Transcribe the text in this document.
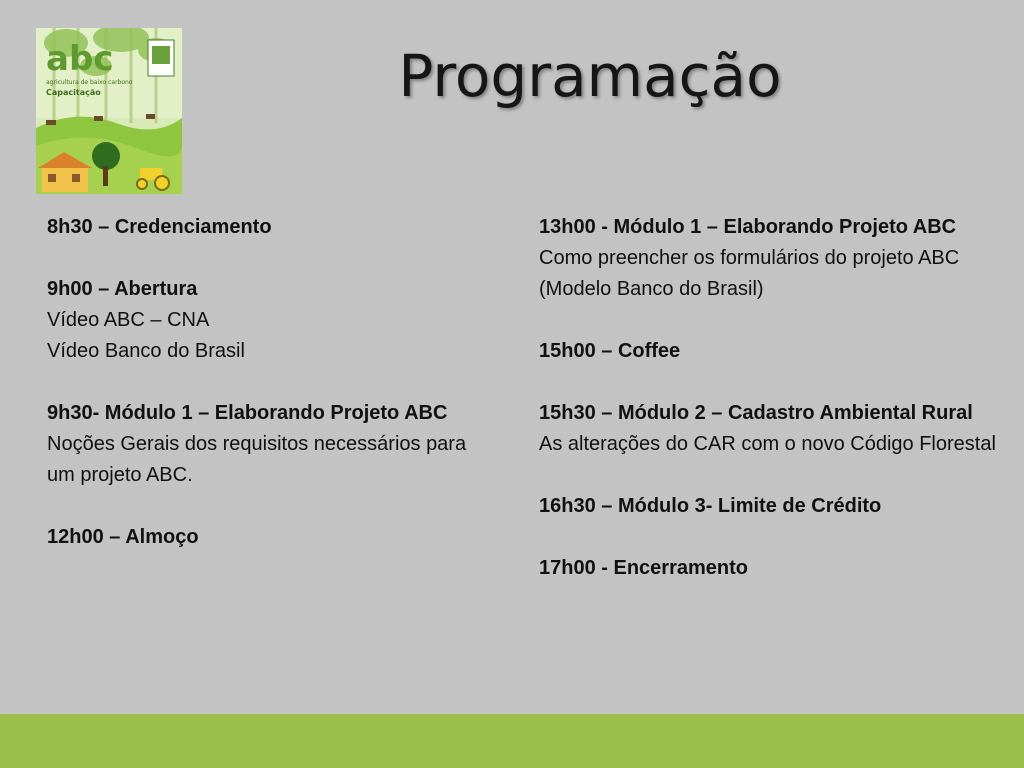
abc
agricultura de baixo carbono
Capacitação	Programação
8h30 – Credenciamento
9h00 – Abertura
Vídeo ABC – CNA
Vídeo Banco do Brasil
9h30- Módulo 1 – Elaborando Projeto ABC
Noções Gerais dos requisitos necessários para um projeto ABC.
12h00 – Almoço
13h00 - Módulo 1 – Elaborando Projeto ABC
Como preencher os formulários do projeto ABC (Modelo Banco do Brasil)
15h00 – Coffee
15h30 – Módulo 2 – Cadastro Ambiental Rural
As alterações do CAR com o novo Código Florestal
16h30 – Módulo 3- Limite de Crédito
17h00 - Encerramento
